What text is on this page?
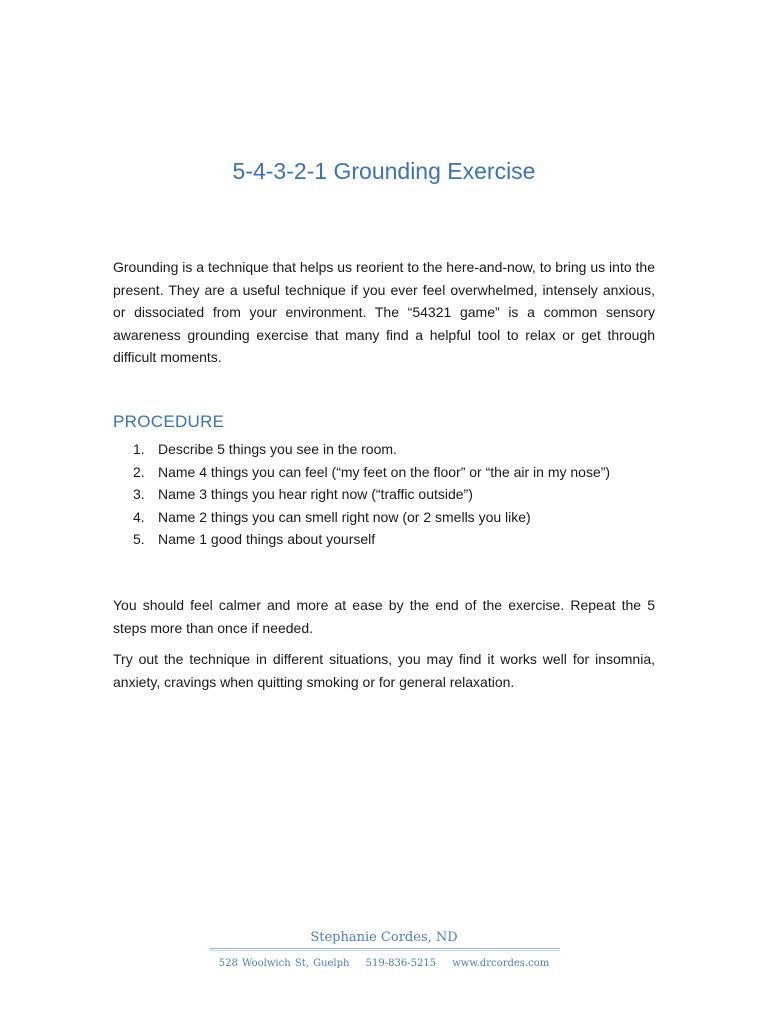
5-4-3-2-1 Grounding Exercise
Grounding is a technique that helps us reorient to the here-and-now, to bring us into the present. They are a useful technique if you ever feel overwhelmed, intensely anxious, or dissociated from your environment. The “54321 game” is a common sensory awareness grounding exercise that many find a helpful tool to relax or get through difficult moments.
PROCEDURE
1. Describe 5 things you see in the room.
2. Name 4 things you can feel (“my feet on the floor” or “the air in my nose”)
3. Name 3 things you hear right now (“traffic outside”)
4. Name 2 things you can smell right now (or 2 smells you like)
5. Name 1 good things about yourself
You should feel calmer and more at ease by the end of the exercise. Repeat the 5 steps more than once if needed.
Try out the technique in different situations, you may find it works well for insomnia, anxiety, cravings when quitting smoking or for general relaxation.
Stephanie Cordes, ND
528 Woolwich St, Guelph 519-836-5215 www.drcordes.com
